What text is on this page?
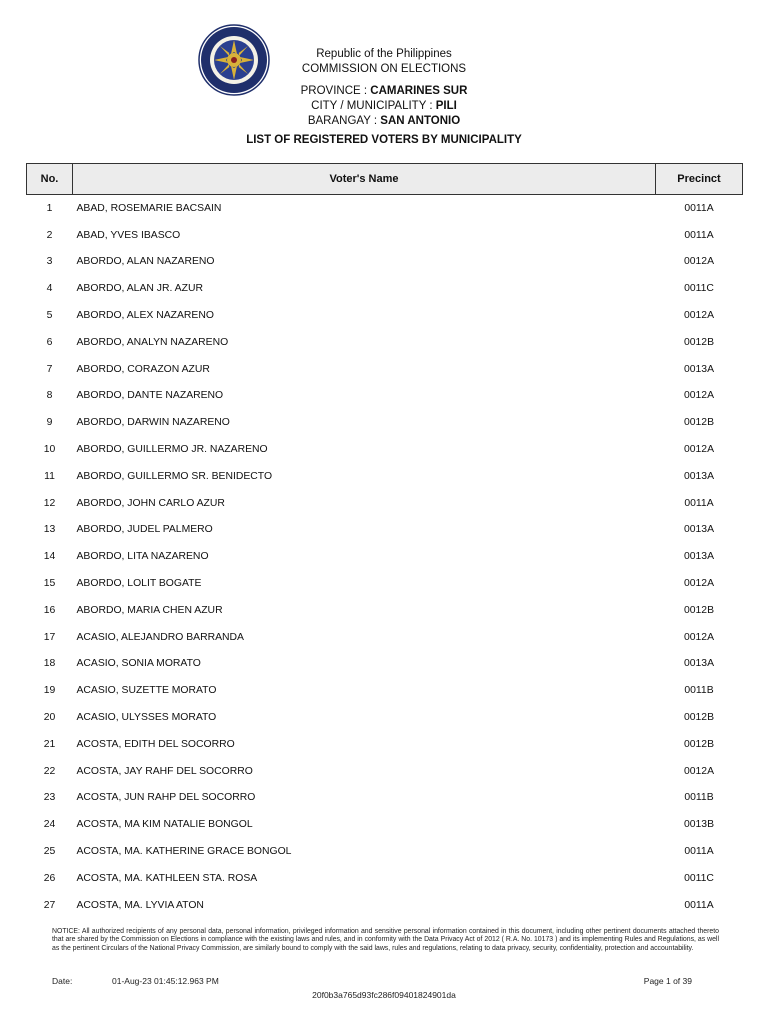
Republic of the Philippines
COMMISSION ON ELECTIONS
PROVINCE : CAMARINES SUR
CITY / MUNICIPALITY : PILI
BARANGAY : SAN ANTONIO
LIST OF REGISTERED VOTERS BY MUNICIPALITY
No.	Voter's Name	Precinct
1	ABAD, ROSEMARIE BACSAIN	0011A
2	ABAD, YVES IBASCO	0011A
3	ABORDO, ALAN NAZARENO	0012A
4	ABORDO, ALAN JR. AZUR	0011C
5	ABORDO, ALEX NAZARENO	0012A
6	ABORDO, ANALYN NAZARENO	0012B
7	ABORDO, CORAZON AZUR	0013A
8	ABORDO, DANTE NAZARENO	0012A
9	ABORDO, DARWIN NAZARENO	0012B
10	ABORDO, GUILLERMO JR. NAZARENO	0012A
11	ABORDO, GUILLERMO SR. BENIDECTO	0013A
12	ABORDO, JOHN CARLO AZUR	0011A
13	ABORDO, JUDEL PALMERO	0013A
14	ABORDO, LITA NAZARENO	0013A
15	ABORDO, LOLIT BOGATE	0012A
16	ABORDO, MARIA CHEN AZUR	0012B
17	ACASIO, ALEJANDRO BARRANDA	0012A
18	ACASIO, SONIA MORATO	0013A
19	ACASIO, SUZETTE MORATO	0011B
20	ACASIO, ULYSSES MORATO	0012B
21	ACOSTA, EDITH DEL SOCORRO	0012B
22	ACOSTA, JAY RAHF DEL SOCORRO	0012A
23	ACOSTA, JUN RAHP DEL SOCORRO	0011B
24	ACOSTA, MA KIM NATALIE BONGOL	0013B
25	ACOSTA, MA. KATHERINE GRACE BONGOL	0011A
26	ACOSTA, MA. KATHLEEN STA. ROSA	0011C
27	ACOSTA, MA. LYVIA ATON	0011A
NOTICE: All authorized recipients of any personal data, personal information, privileged information and sensitive personal information contained in this document, including other pertinent documents attached thereto that are shared by the Commission on Elections in compliance with the existing laws and rules, and in conformity with the Data Privacy Act of 2012 ( R.A. No. 10173 ) and its implementing Rules and Regulations, as well as the pertinent Circulars of the National Privacy Commission, are similarly bound to comply with the said laws, rules and regulations, relating to data privacy, security, confidentiality, protection and accountability.
Date:	01-Aug-23 01:45:12.963 PM	Page 1 of 39
20f0b3a765d93fc286f09401824901da
